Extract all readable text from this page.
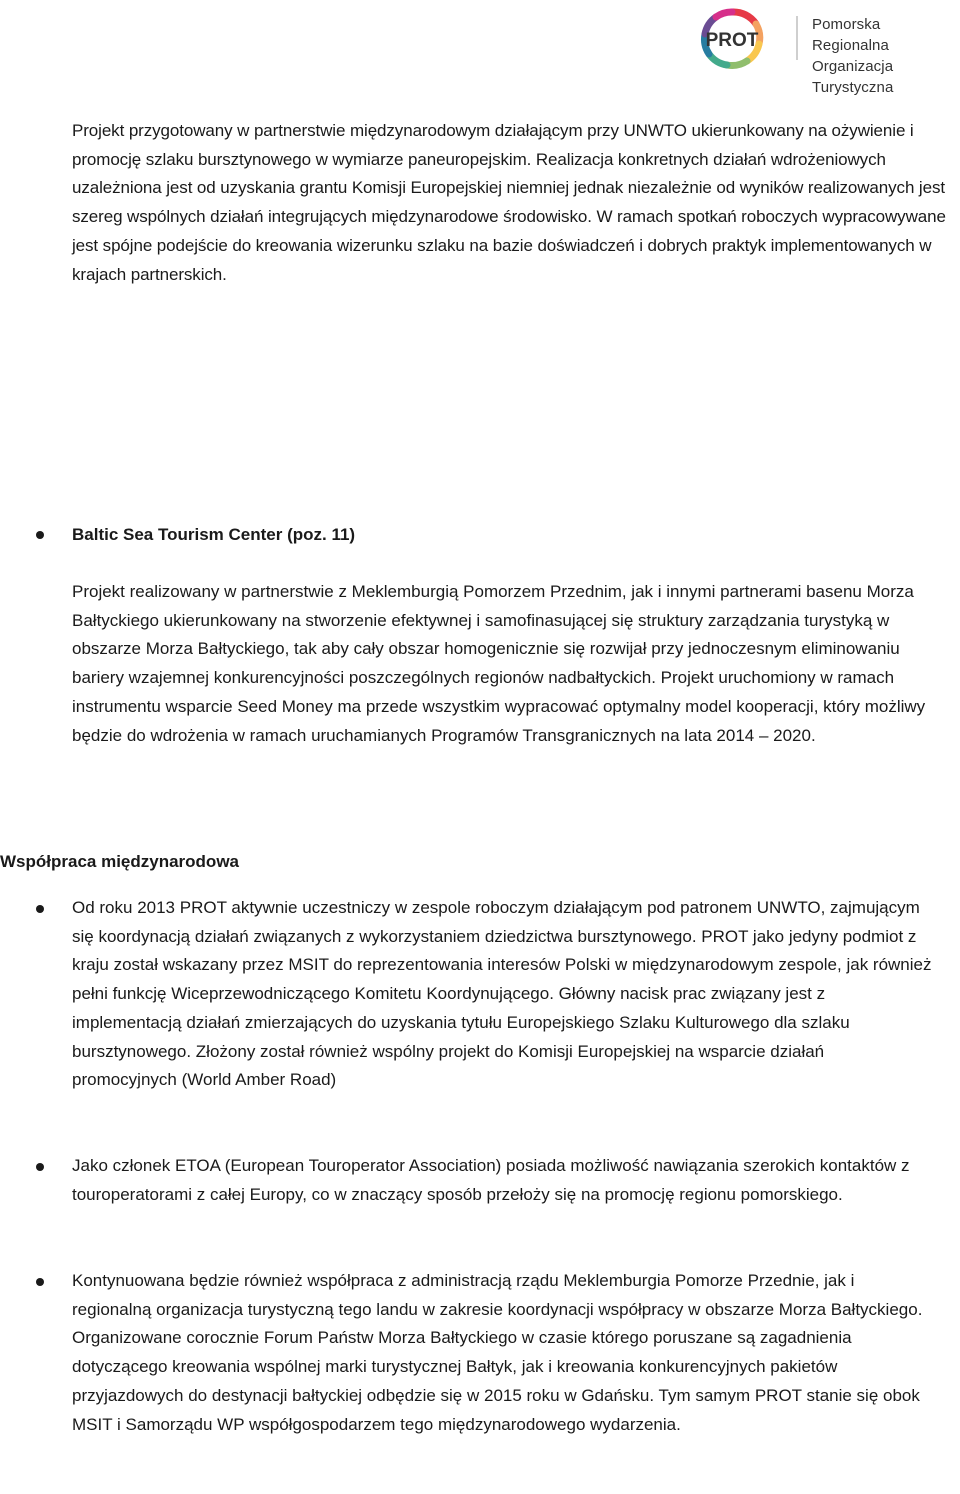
PROT
Pomorska Regionalna
Organizacja Turystyczna

Projekt przygotowany w partnerstwie międzynarodowym działającym przy UNWTO ukierunkowany na ożywienie i promocję szlaku bursztynowego w wymiarze paneuropejskim. Realizacja konkretnych działań wdrożeniowych uzależniona jest od uzyskania grantu Komisji Europejskiej niemniej jednak niezależnie od wyników realizowanych jest szereg wspólnych działań integrujących międzynarodowe środowisko. W ramach spotkań roboczych wypracowywane jest spójne podejście do kreowania wizerunku szlaku na bazie doświadczeń i dobrych praktyk implementowanych w krajach partnerskich.

Baltic Sea Tourism Center (poz. 11)

Projekt realizowany w partnerstwie z Meklemburgią Pomorzem Przednim, jak i innymi partnerami basenu Morza Bałtyckiego ukierunkowany na stworzenie efektywnej i samofinasującej się struktury zarządzania turystyką w obszarze Morza Bałtyckiego, tak aby cały obszar homogenicznie się rozwijał przy jednoczesnym eliminowaniu bariery wzajemnej konkurencyjności poszczególnych regionów nadbałtyckich. Projekt uruchomiony w ramach instrumentu wsparcie Seed Money ma przede wszystkim wypracować optymalny model kooperacji, który możliwy będzie do wdrożenia w ramach uruchamianych Programów Transgranicznych na lata 2014 – 2020.

Współpraca międzynarodowa

Od roku 2013 PROT aktywnie uczestniczy w zespole roboczym działającym pod patronem UNWTO, zajmującym się koordynacją działań związanych z wykorzystaniem dziedzictwa bursztynowego. PROT jako jedyny podmiot z kraju został wskazany przez MSIT do reprezentowania interesów Polski w międzynarodowym zespole, jak również pełni funkcję Wiceprzewodniczącego Komitetu Koordynującego. Główny nacisk prac związany jest z implementacją działań zmierzających do uzyskania tytułu Europejskiego Szlaku Kulturowego dla szlaku bursztynowego. Złożony został również wspólny projekt do Komisji Europejskiej na wsparcie działań promocyjnych (World Amber Road)

Jako członek ETOA (European Touroperator Association) posiada możliwość nawiązania szerokich kontaktów z touroperatorami z całej Europy, co w znaczący sposób przełoży się na promocję regionu pomorskiego.

Kontynuowana będzie również współpraca z administracją rządu Meklemburgia Pomorze Przednie, jak i regionalną organizacja turystyczną tego landu w zakresie koordynacji współpracy w obszarze Morza Bałtyckiego. Organizowane corocznie Forum Państw Morza Bałtyckiego w czasie którego poruszane są zagadnienia dotyczącego kreowania wspólnej marki turystycznej Bałtyk, jak i kreowania konkurencyjnych pakietów przyjazdowych do destynacji bałtyckiej odbędzie się w 2015 roku w Gdańsku. Tym samym PROT stanie się obok MSIT i Samorządu WP współgospodarzem tego międzynarodowego wydarzenia.
